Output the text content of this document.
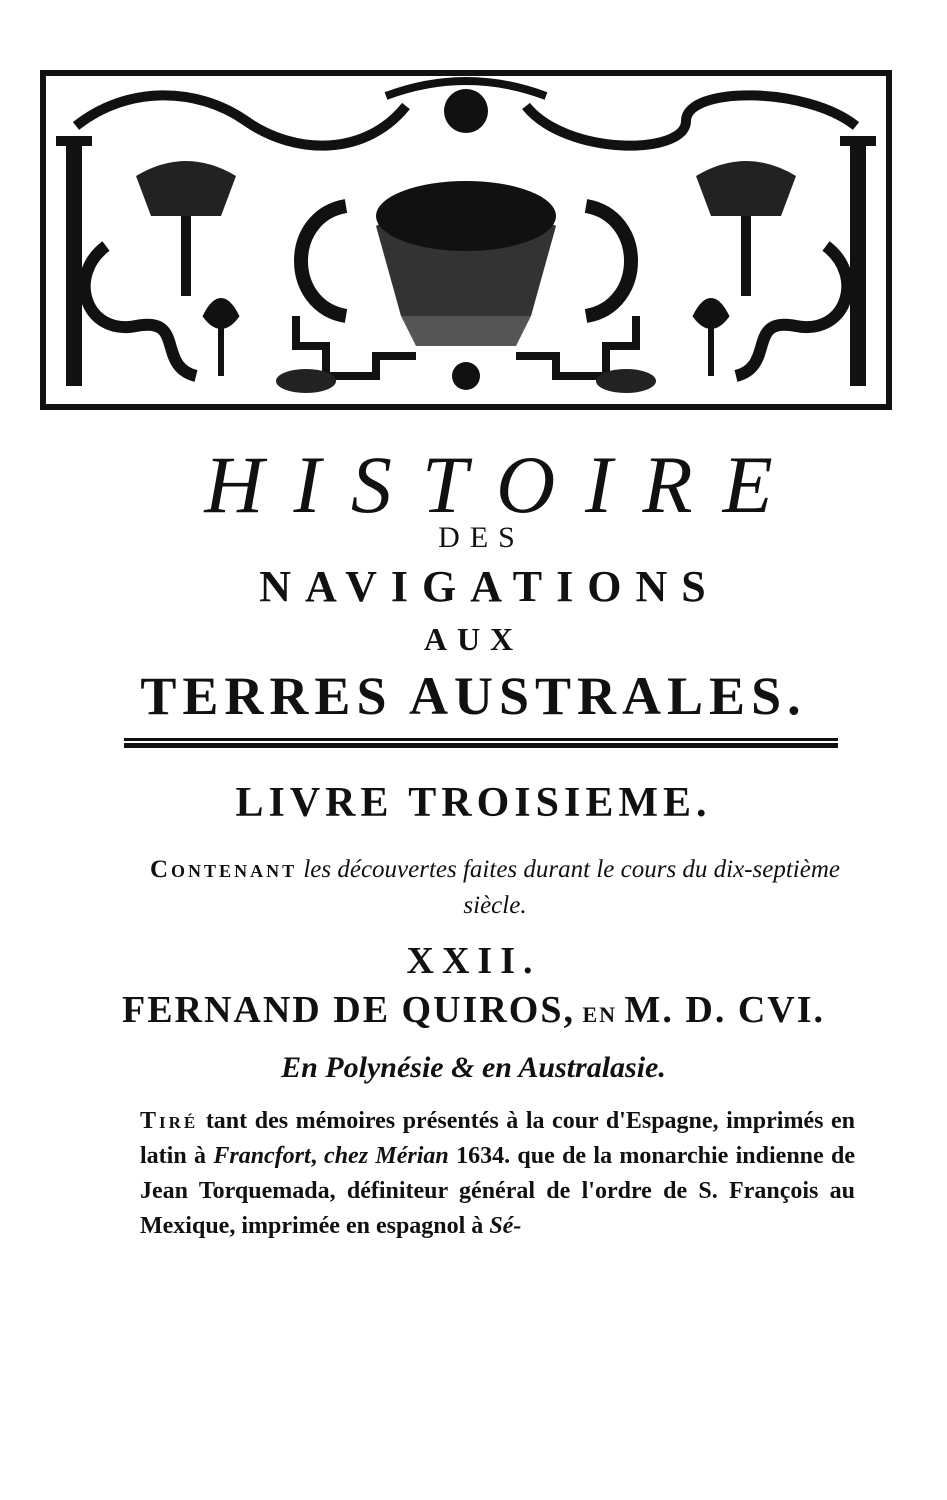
HISTOIRE
DES
NAVIGATIONS
AUX
TERRES AUSTRALES.
LIVRE TROISIEME.
Contenant les découvertes faites durant le cours du dix-septième siècle.
XXII.
FERNAND DE QUIROS, EN M. D. CVI.
En Polynésie & en Australasie.
Tiré tant des mémoires présentés à la cour d'Espagne, imprimés en latin à Francfort, chez Mérian 1634. que de la monarchie indienne de Jean Torquemada, définiteur général de l'ordre de S. François au Mexique, imprimée en espagnol à Sé-
